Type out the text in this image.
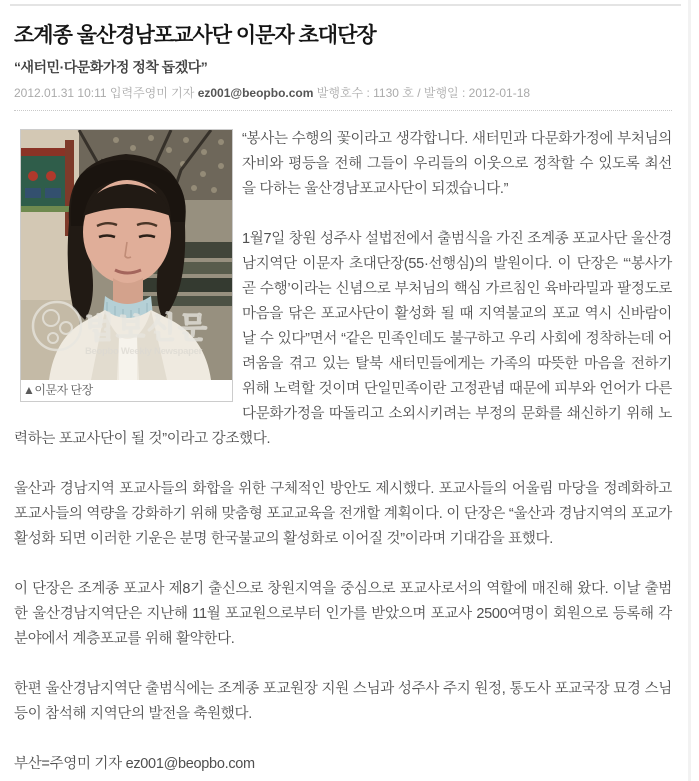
조계종 울산경남포교사단 이문자 초대단장
“새터민·다문화가정 정착 돕겠다”
2012.01.31 10:11 입력주영미 기자 ez001@beopbo.com 발행호수 : 1130 호 / 발행일 : 2012-01-18
법보신문
Beopbo Weekly Newspaper
▲이문자 단장

“봉사는 수행의 꽃이라고 생각합니다. 새터민과 다문화가정에 부처님의 자비와 평등을 전해 그들이 우리들의 이웃으로 정착할 수 있도록 최선을 다하는 울산경남포교사단이 되겠습니다.”

1월7일 창원 성주사 설법전에서 출범식을 가진 조계종 포교사단 울산경남지역단 이문자 초대단장(55·선행심)의 발원이다. 이 단장은 “‘봉사가 곧 수행’이라는 신념으로 부처님의 핵심 가르침인 육바라밀과 팔정도로 마음을 닦은 포교사단이 활성화 될 때 지역불교의 포교 역시 신바람이 날 수 있다”면서 “같은 민족인데도 불구하고 우리 사회에 정착하는데 어려움을 겪고 있는 탈북 새터민들에게는 가족의 따뜻한 마음을 전하기 위해 노력할 것이며 단일민족이란 고정관념 때문에 피부와 언어가 다른 다문화가정을 따돌리고 소외시키려는 부정의 문화를 쇄신하기 위해 노력하는 포교사단이 될 것”이라고 강조했다.

울산과 경남지역 포교사들의 화합을 위한 구체적인 방안도 제시했다. 포교사들의 어울림 마당을 정례화하고 포교사들의 역량을 강화하기 위해 맞춤형 포교교육을 전개할 계획이다. 이 단장은 “울산과 경남지역의 포교가 활성화 되면 이러한 기운은 분명 한국불교의 활성화로 이어질 것”이라며 기대감을 표했다.

이 단장은 조계종 포교사 제8기 출신으로 창원지역을 중심으로 포교사로서의 역할에 매진해 왔다. 이날 출범한 울산경남지역단은 지난해 11월 포교원으로부터 인가를 받았으며 포교사 2500여명이 회원으로 등록해 각 분야에서 계층포교를 위해 활약한다.

한편 울산경남지역단 출범식에는 조계종 포교원장 지원 스님과 성주사 주지 원정, 통도사 포교국장 묘경 스님 등이 참석해 지역단의 발전을 축원했다.

부산=주영미 기자 ez001@beopbo.com
